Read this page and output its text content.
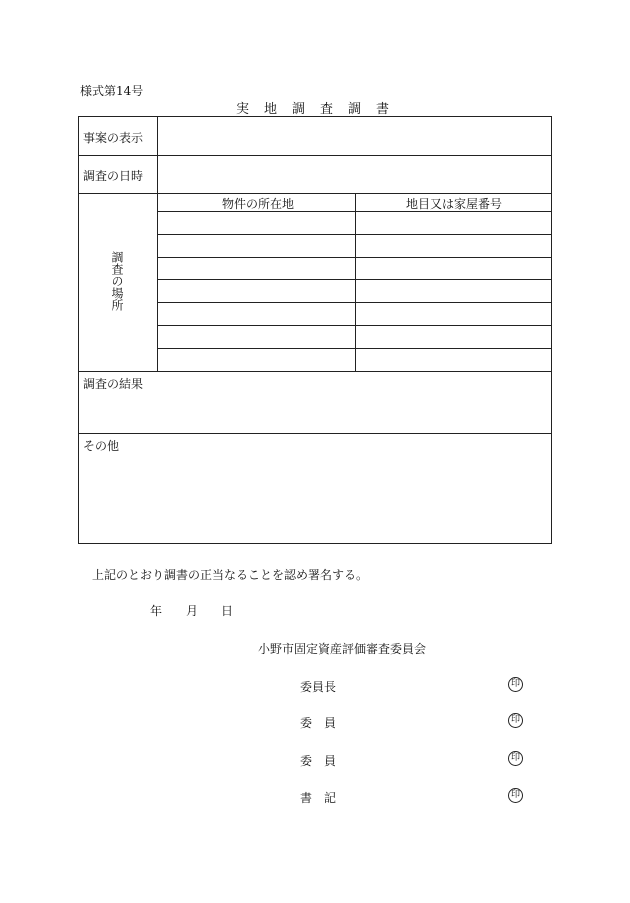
様式第14号
実　地　調　査　調　書
事案の表示
調査の日時
調査の場所
物件の所在地	地目又は家屋番号
調査の結果
その他
上記のとおり調書の正当なることを認め署名する。
年 月 日
小野市固定資産評価審査委員会
委員長	印
委　員	印
委　員	印
書　記	印
